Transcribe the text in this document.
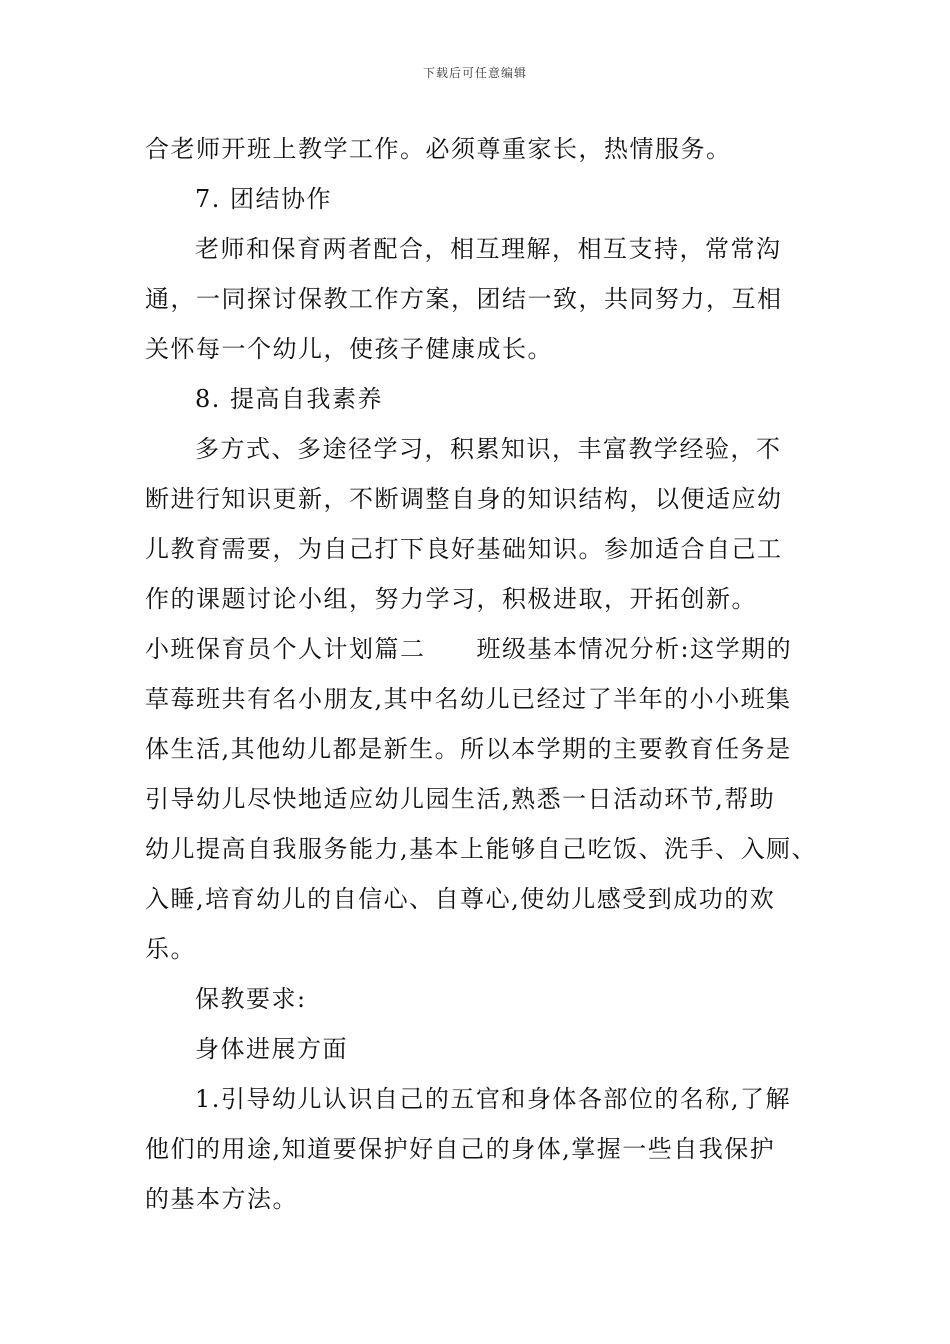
下载后可任意编辑
合老师开班上教学工作。必须尊重家长，热情服务。
7. 团结协作
老师和保育两者配合，相互理解，相互支持，常常沟
通，一同探讨保教工作方案，团结一致，共同努力，互相
关怀每一个幼儿，使孩子健康成长。
8. 提高自我素养
多方式、多途径学习，积累知识，丰富教学经验，不
断进行知识更新，不断调整自身的知识结构，以便适应幼
儿教育需要，为自己打下良好基础知识。参加适合自己工
作的课题讨论小组，努力学习，积极进取，开拓创新。
小班保育员个人计划篇二　　班级基本情况分析:这学期的
草莓班共有名小朋友,其中名幼儿已经过了半年的小小班集
体生活,其他幼儿都是新生。所以本学期的主要教育任务是
引导幼儿尽快地适应幼儿园生活,熟悉一日活动环节,帮助
幼儿提高自我服务能力,基本上能够自己吃饭、洗手、入厕、
入睡,培育幼儿的自信心、自尊心,使幼儿感受到成功的欢
乐。
保教要求:
身体进展方面
1.引导幼儿认识自己的五官和身体各部位的名称,了解
他们的用途,知道要保护好自己的身体,掌握一些自我保护
的基本方法。
